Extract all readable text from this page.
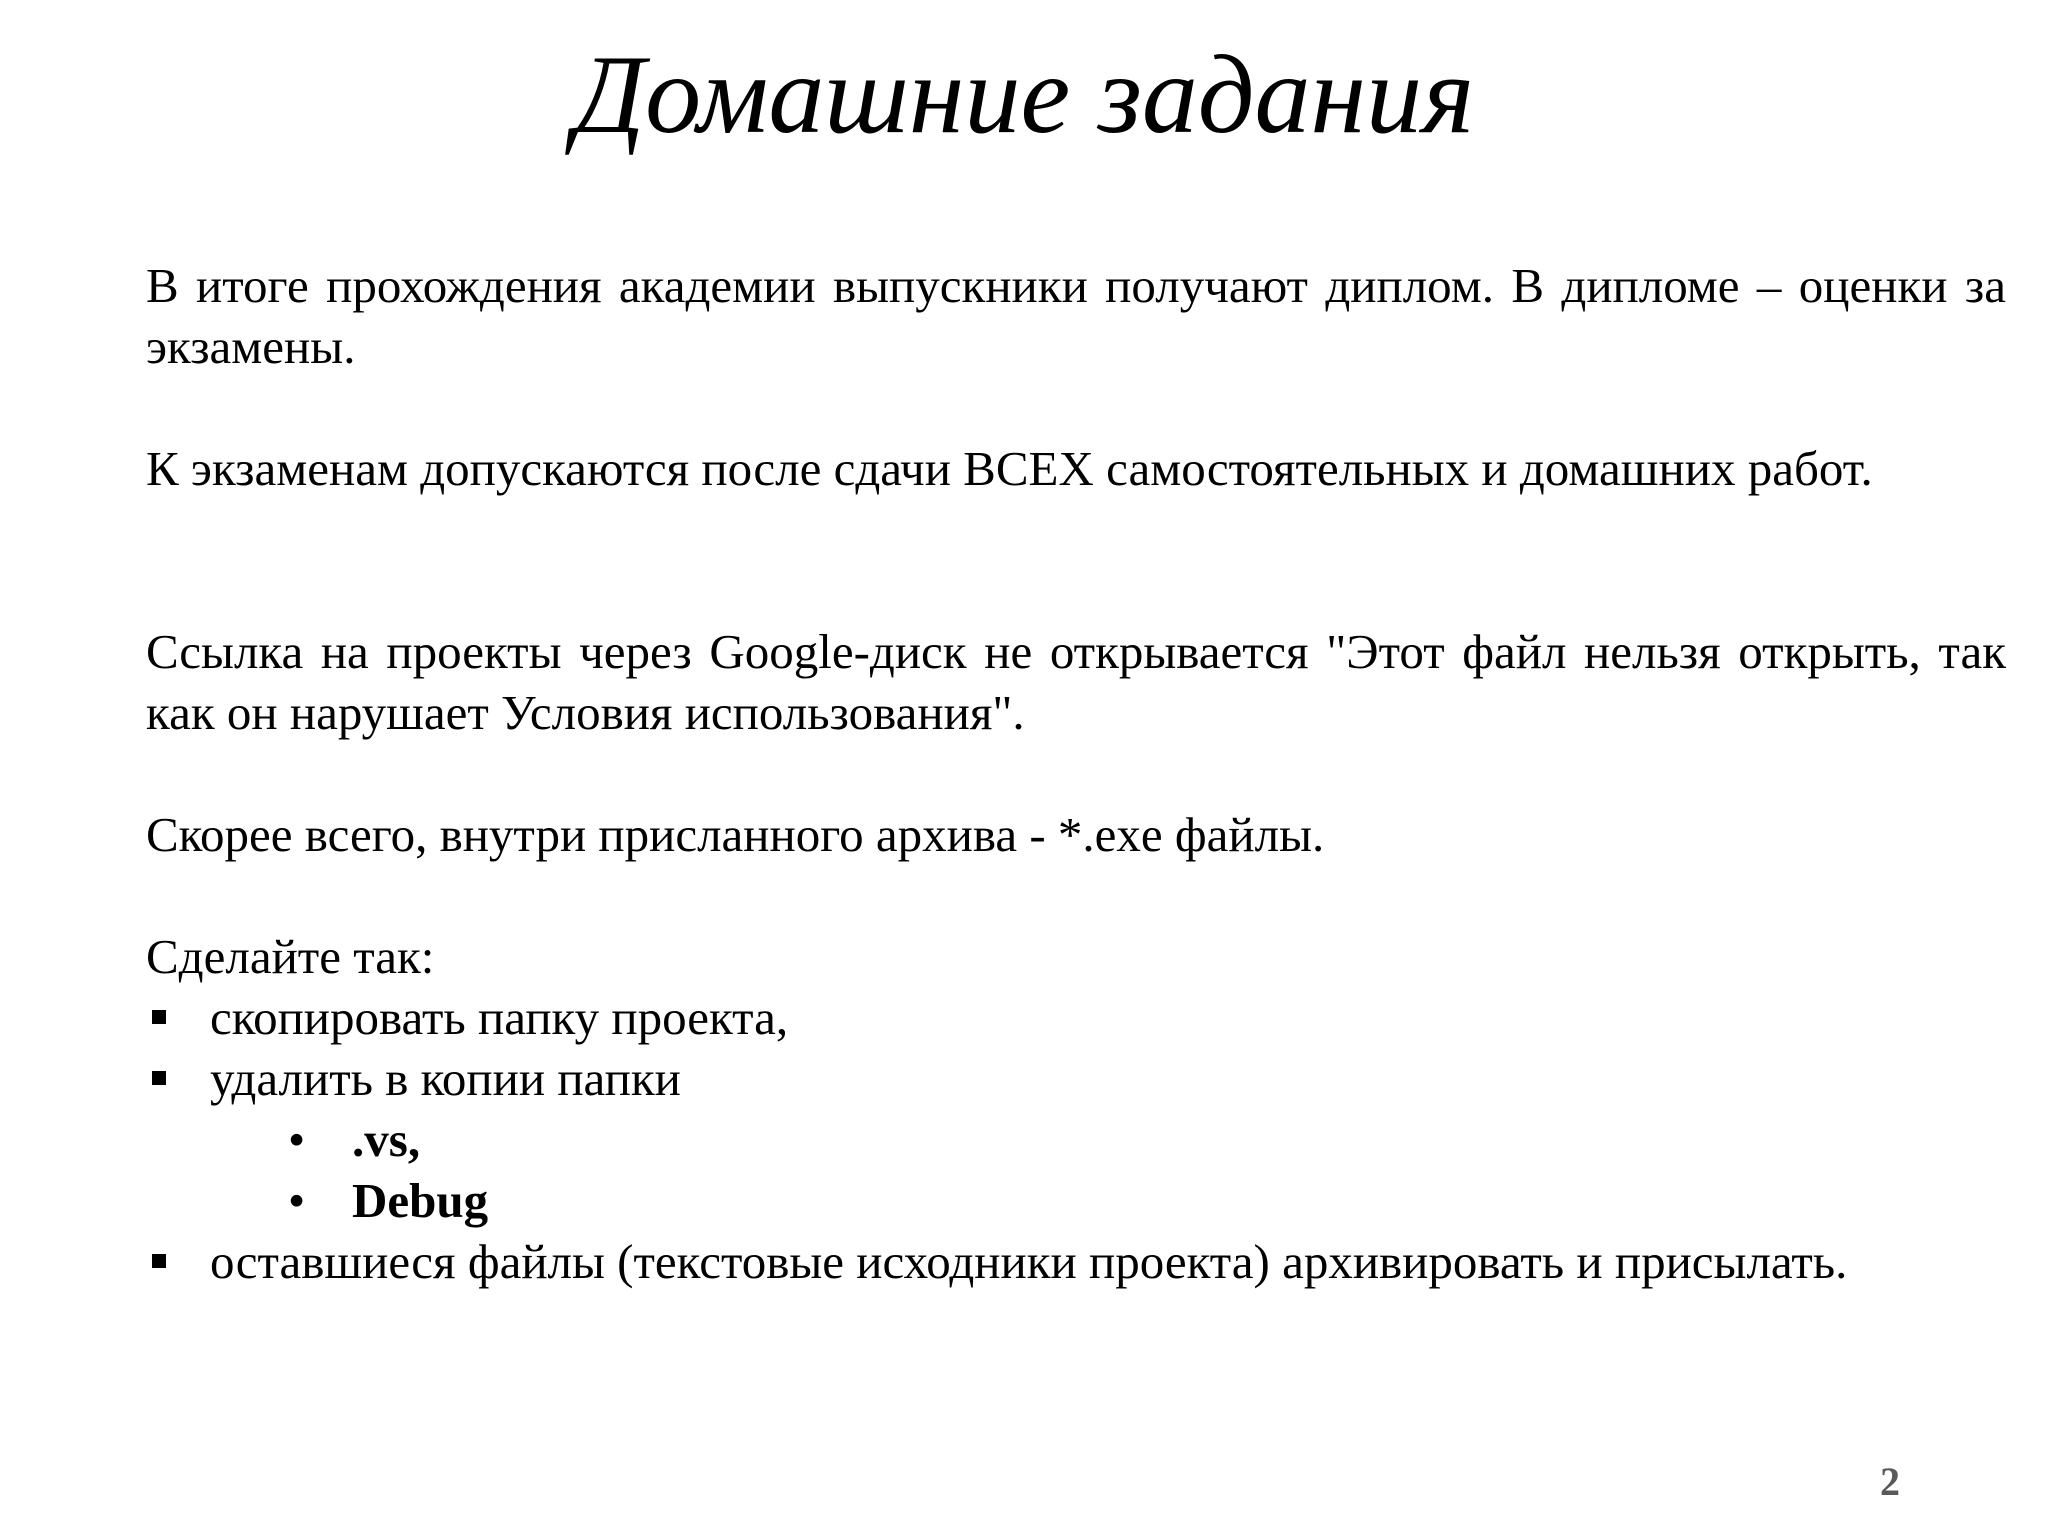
Домашние задания

В итоге прохождения академии выпускники получают диплом. В дипломе – оценки за экзамены.

К экзаменам допускаются после сдачи ВСЕХ самостоятельных и домашних работ.

Ссылка на проекты через Google-диск не открывается "Этот файл нельзя открыть, так как он нарушает Условия использования".

Скорее всего, внутри присланного архива - *.exe файлы.

Сделайте так:

скопировать папку проекта,
удалить в копии папки
• .vs,
• Debug
оставшиеся файлы (текстовые исходники проекта) архивировать и присылать.
2
